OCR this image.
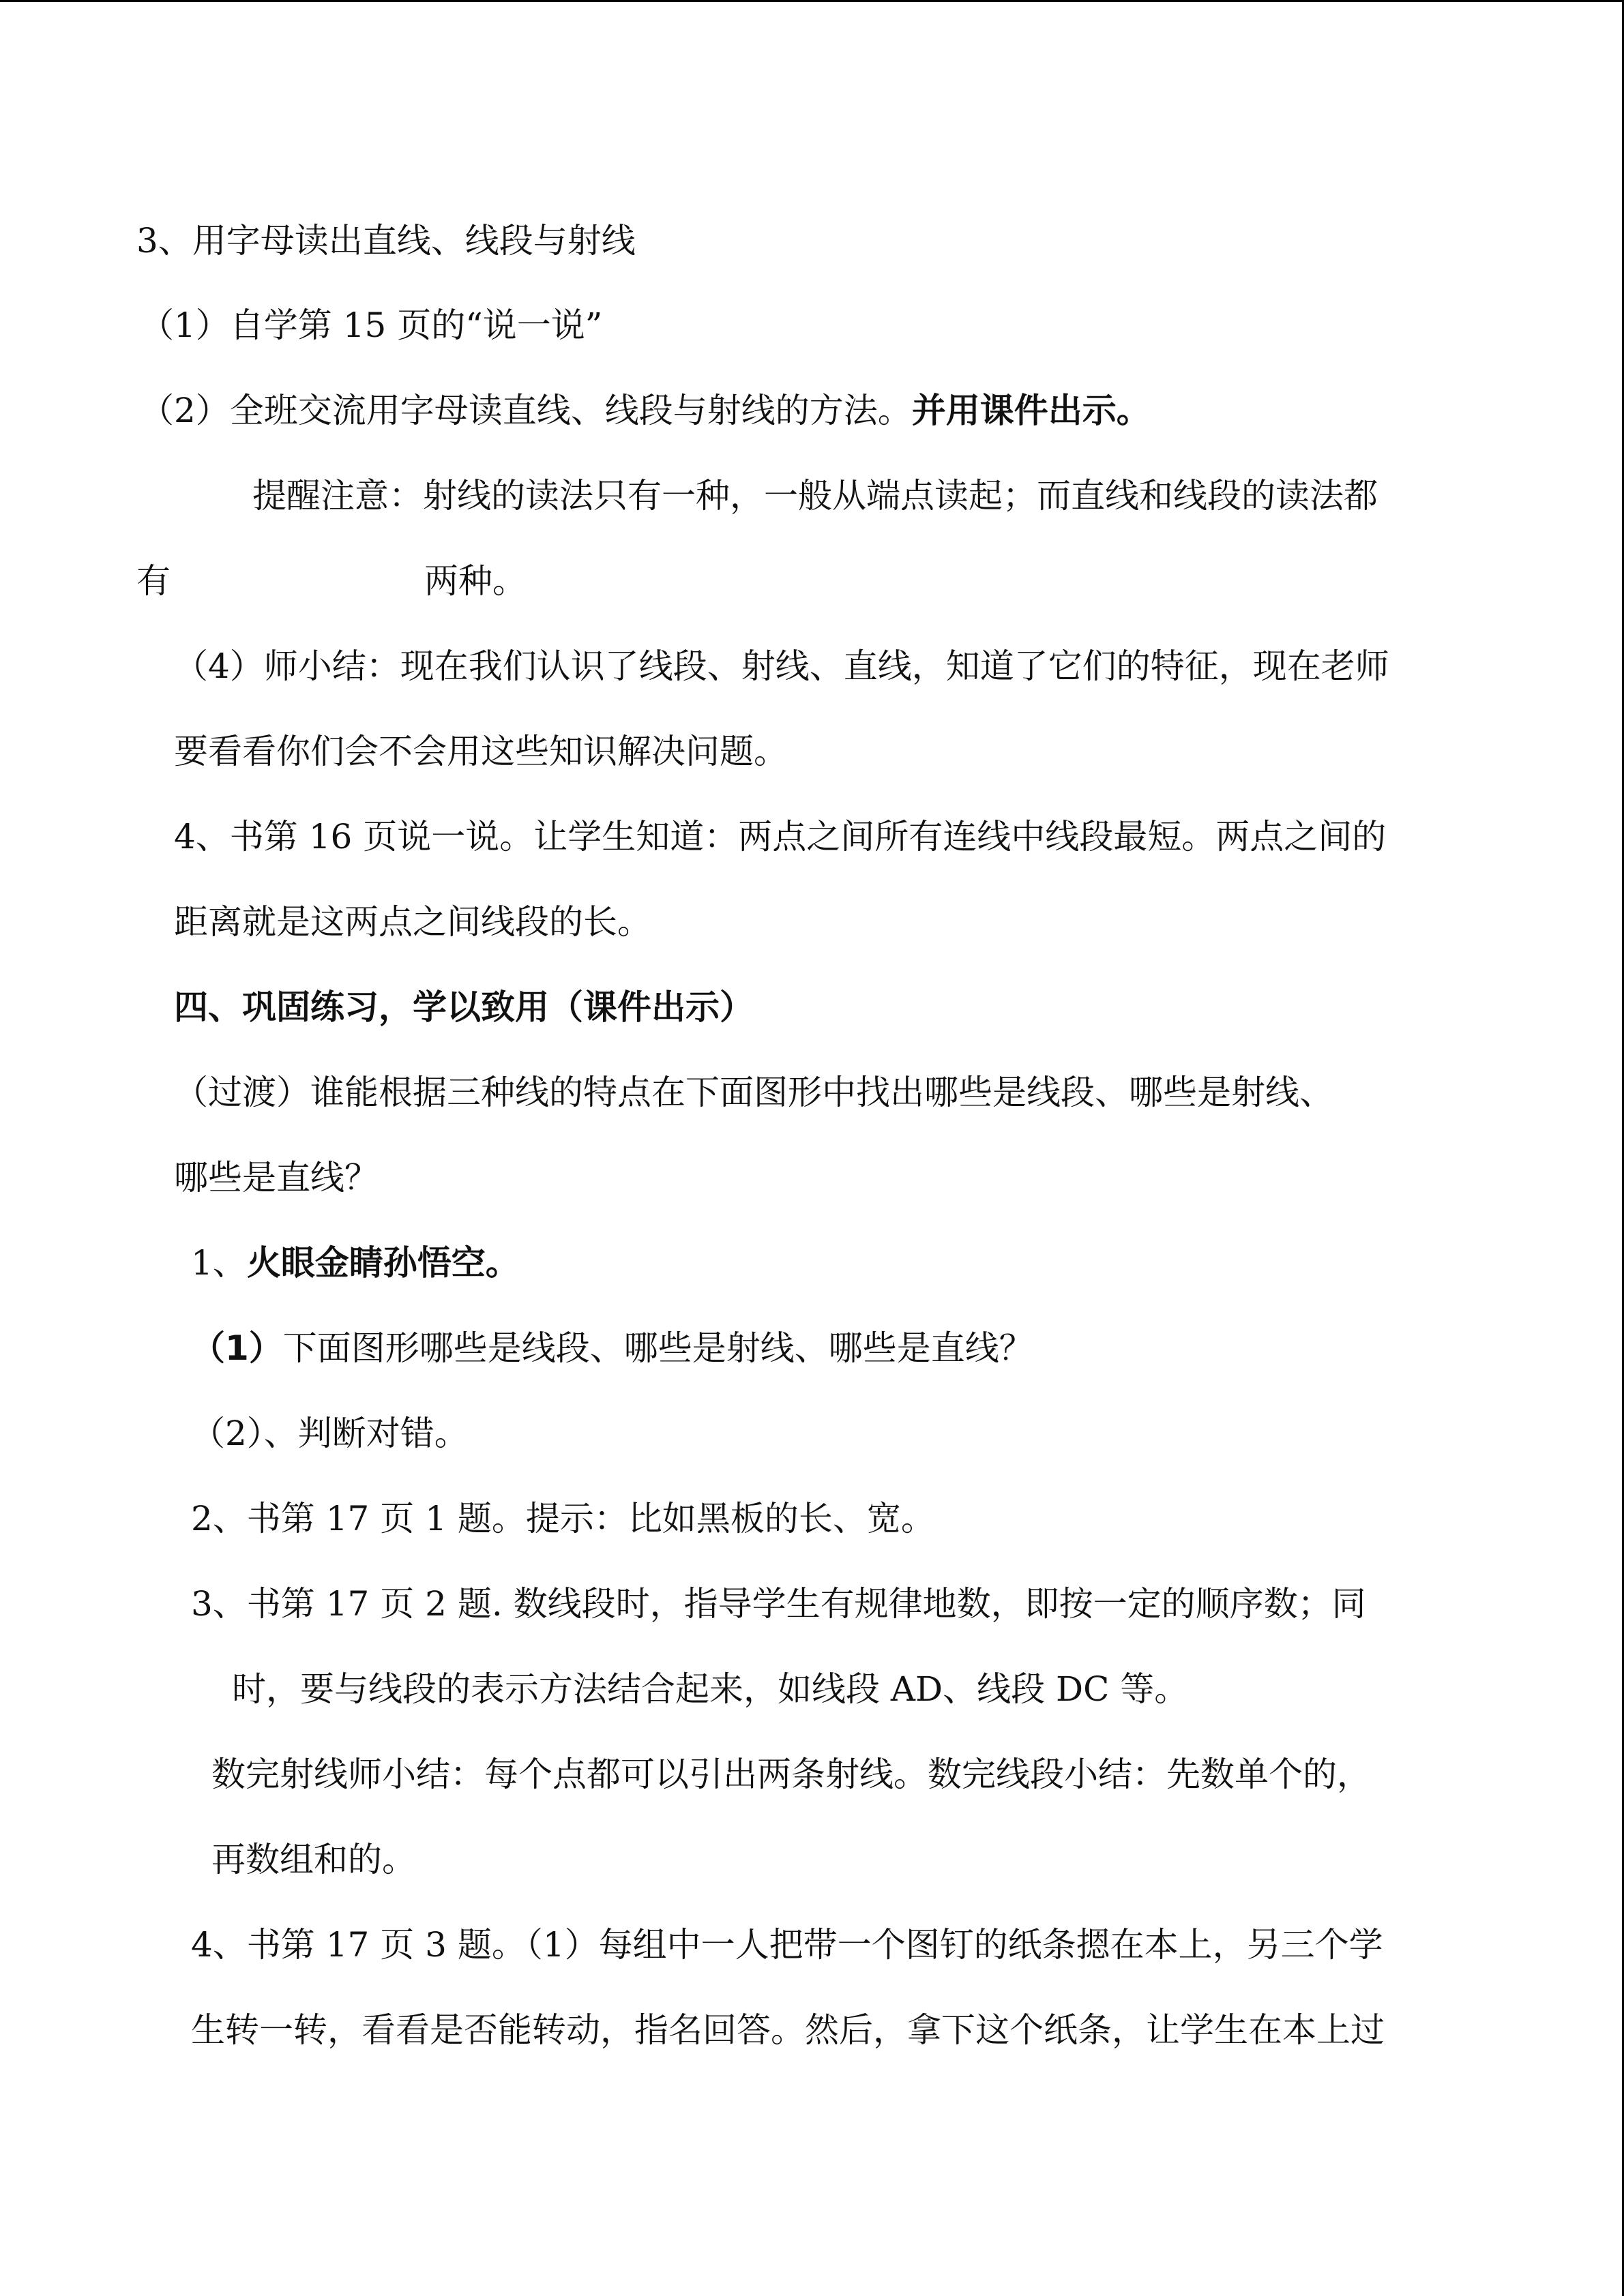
3、用字母读出直线、线段与射线
（1）自学第 15 页的“说一说”
（2）全班交流用字母读直线、线段与射线的方法。并用课件出示。
提醒注意：射线的读法只有一种，一般从端点读起；而直线和线段的读法都
有	两种。
（4）师小结：现在我们认识了线段、射线、直线，知道了它们的特征，现在老师
要看看你们会不会用这些知识解决问题。
4、书第 16 页说一说。让学生知道：两点之间所有连线中线段最短。两点之间的
距离就是这两点之间线段的长。
四、巩固练习，学以致用（课件出示）
（过渡）谁能根据三种线的特点在下面图形中找出哪些是线段、哪些是射线、
哪些是直线？
1、火眼金睛孙悟空。
（1）下面图形哪些是线段、哪些是射线、哪些是直线？
（2）、判断对错。
2、书第 17 页 1 题。提示：比如黑板的长、宽。
3、书第 17 页 2 题. 数线段时，指导学生有规律地数，即按一定的顺序数；同
时，要与线段的表示方法结合起来，如线段 AD、线段 DC 等。
数完射线师小结：每个点都可以引出两条射线。数完线段小结：先数单个的，
再数组和的。
4、书第 17 页 3 题。（1）每组中一人把带一个图钉的纸条摁在本上，另三个学
生转一转，看看是否能转动，指名回答。然后，拿下这个纸条，让学生在本上过
